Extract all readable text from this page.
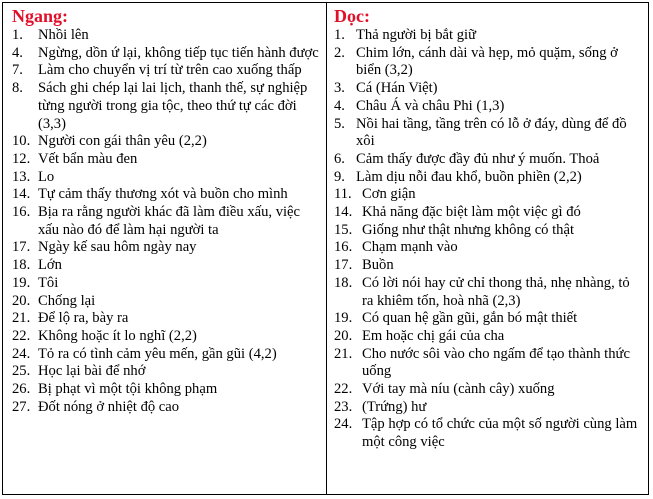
Ngang:
1.	Nhồi lên
4.	Ngừng, dồn ứ lại, không tiếp tục tiến hành được
7.	Làm cho chuyển vị trí từ trên cao xuống thấp
8.	Sách ghi chép lại lai lịch, thanh thế, sự nghiệp từng người trong gia tộc, theo thứ tự các đời (3,3)
10. Người con gái thân yêu (2,2)
12. Vết bẩn màu đen
13. Lo
14. Tự cảm thấy thương xót và buồn cho mình
16. Bịa ra rằng người khác đã làm điều xấu, việc xấu nào đó để làm hại người ta
17. Ngày kế sau hôm ngày nay
18. Lớn
19. Tôi
20. Chống lại
21. Để lộ ra, bày ra
22. Không hoặc ít lo nghĩ (2,2)
24. Tỏ ra có tình cảm yêu mến, gần gũi (4,2)
25. Học lại bài để nhớ
26. Bị phạt vì một tội không phạm
27. Đốt nóng ở nhiệt độ cao
Dọc:
1. Thả người bị bắt giữ
2. Chim lớn, cánh dài và hẹp, mỏ quặm, sống ở biển (3,2)
3. Cá (Hán Việt)
4. Châu Á và châu Phi (1,3)
5. Nồi hai tầng, tầng trên có lỗ ở đáy, dùng để đồ xôi
6. Cảm thấy được đầy đủ như ý muốn. Thoả
9. Làm dịu nỗi đau khổ, buồn phiền (2,2)
11. Cơn giận
14. Khả năng đặc biệt làm một việc gì đó
15. Giống như thật nhưng không có thật
16. Chạm mạnh vào
17. Buồn
18. Có lời nói hay cử chỉ thong thả, nhẹ nhàng, tỏ ra khiêm tốn, hoà nhã (2,3)
19. Có quan hệ gần gũi, gắn bó mật thiết
20. Em hoặc chị gái của cha
21. Cho nước sôi vào cho ngấm để tạo thành thức uống
22. Với tay mà níu (cành cây) xuống
23. (Trứng) hư
24. Tập hợp có tổ chức của một số người cùng làm một công việc
